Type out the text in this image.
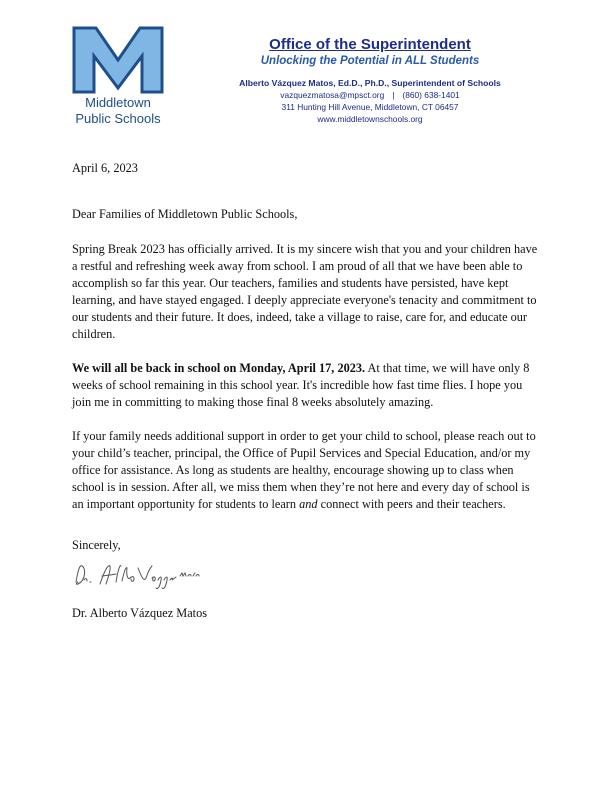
Middletown
Public Schools
Office of the Superintendent
Unlocking the Potential in ALL Students
Alberto Vázquez Matos, Ed.D., Ph.D., Superintendent of Schools
vazquezmatosa@mpsct.org | (860) 638-1401
311 Hunting Hill Avenue, Middletown, CT 06457
www.middletownschools.org

April 6, 2023

Dear Families of Middletown Public Schools,

Spring Break 2023 has officially arrived. It is my sincere wish that you and your children have a restful and refreshing week away from school. I am proud of all that we have been able to accomplish so far this year. Our teachers, families and students have persisted, have kept learning, and have stayed engaged. I deeply appreciate everyone's tenacity and commitment to our students and their future. It does, indeed, take a village to raise, care for, and educate our children.

We will all be back in school on Monday, April 17, 2023. At that time, we will have only 8 weeks of school remaining in this school year. It's incredible how fast time flies. I hope you join me in committing to making those final 8 weeks absolutely amazing.

If your family needs additional support in order to get your child to school, please reach out to your child’s teacher, principal, the Office of Pupil Services and Special Education, and/or my office for assistance. As long as students are healthy, encourage showing up to class when school is in session. After all, we miss them when they’re not here and every day of school is an important opportunity for students to learn and connect with peers and their teachers.

Sincerely,

Dr. Alberto Vázquez Matos
